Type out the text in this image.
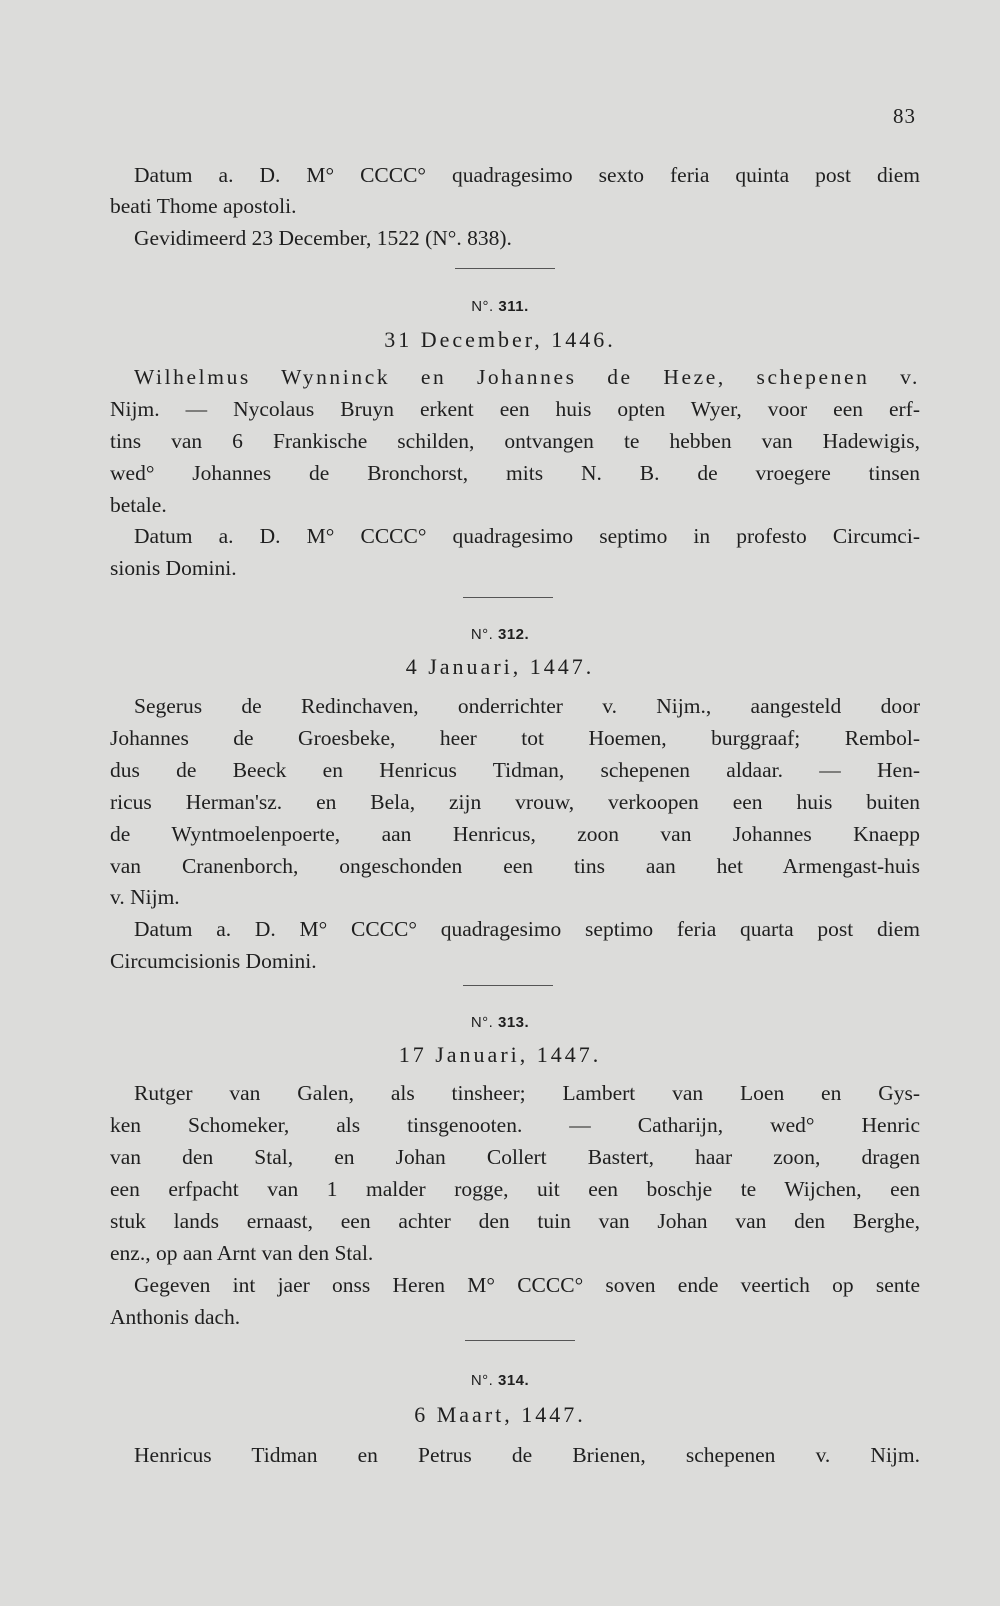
83
Datum a. D. M° CCCC° quadragesimo sexto feria quinta post diem
beati Thome apostoli.
Gevidimeerd 23 December, 1522 (N°. 838).
N°. 311.
31 December, 1446.
Wilhelmus Wynninck en Johannes de Heze, schepenen v.
Nijm. — Nycolaus Bruyn erkent een huis opten Wyer, voor een erf-
tins van 6 Frankische schilden, ontvangen te hebben van Hadewigis,
wed° Johannes de Bronchorst, mits N. B. de vroegere tinsen
betale.
Datum a. D. M° CCCC° quadragesimo septimo in profesto Circumci-
sionis Domini.
N°. 312.
4 Januari, 1447.
Segerus de Redinchaven, onderrichter v. Nijm., aangesteld door
Johannes de Groesbeke, heer tot Hoemen, burggraaf; Rembol-
dus de Beeck en Henricus Tidman, schepenen aldaar. — Hen-
ricus Herman'sz. en Bela, zijn vrouw, verkoopen een huis buiten
de Wyntmoelenpoerte, aan Henricus, zoon van Johannes Knaepp
van Cranenborch, ongeschonden een tins aan het Armengast-huis
v. Nijm.
Datum a. D. M° CCCC° quadragesimo septimo feria quarta post diem
Circumcisionis Domini.
N°. 313.
17 Januari, 1447.
Rutger van Galen, als tinsheer; Lambert van Loen en Gys-
ken Schomeker, als tinsgenooten. — Catharijn, wed° Henric
van den Stal, en Johan Collert Bastert, haar zoon, dragen
een erfpacht van 1 malder rogge, uit een boschje te Wijchen, een
stuk lands ernaast, een achter den tuin van Johan van den Berghe,
enz., op aan Arnt van den Stal.
Gegeven int jaer onss Heren M° CCCC° soven ende veertich op sente
Anthonis dach.
N°. 314.
6 Maart, 1447.
Henricus Tidman en Petrus de Brienen, schepenen v. Nijm.
